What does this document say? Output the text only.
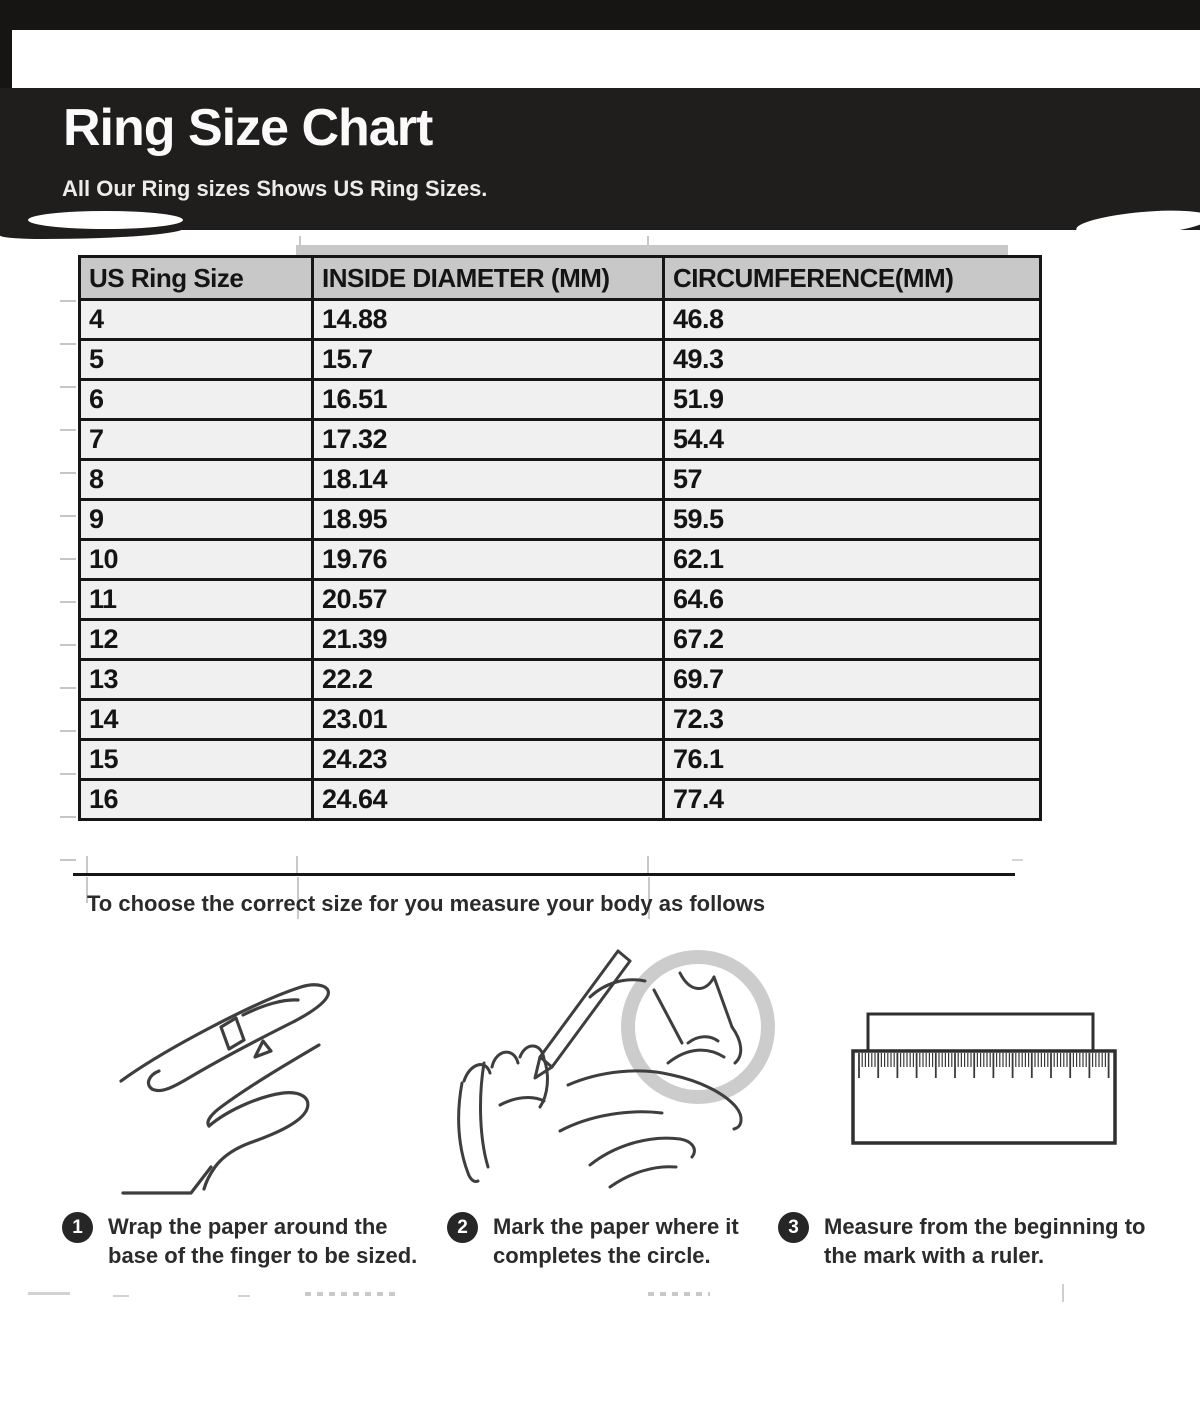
Ring Size Chart
All Our Ring sizes Shows US Ring Sizes.
US Ring Size	INSIDE DIAMETER (MM)	CIRCUMFERENCE(MM)
4	14.88	46.8
5	15.7	49.3
6	16.51	51.9
7	17.32	54.4
8	18.14	57
9	18.95	59.5
10	19.76	62.1
11	20.57	64.6
12	21.39	67.2
13	22.2	69.7
14	23.01	72.3
15	24.23	76.1
16	24.64	77.4
To choose the correct size for you measure your body as follows
1	Wrap the paper around the base of the finger to be sized.
2	Mark the paper where it completes the circle.
3	Measure from the beginning to the mark with a ruler.
